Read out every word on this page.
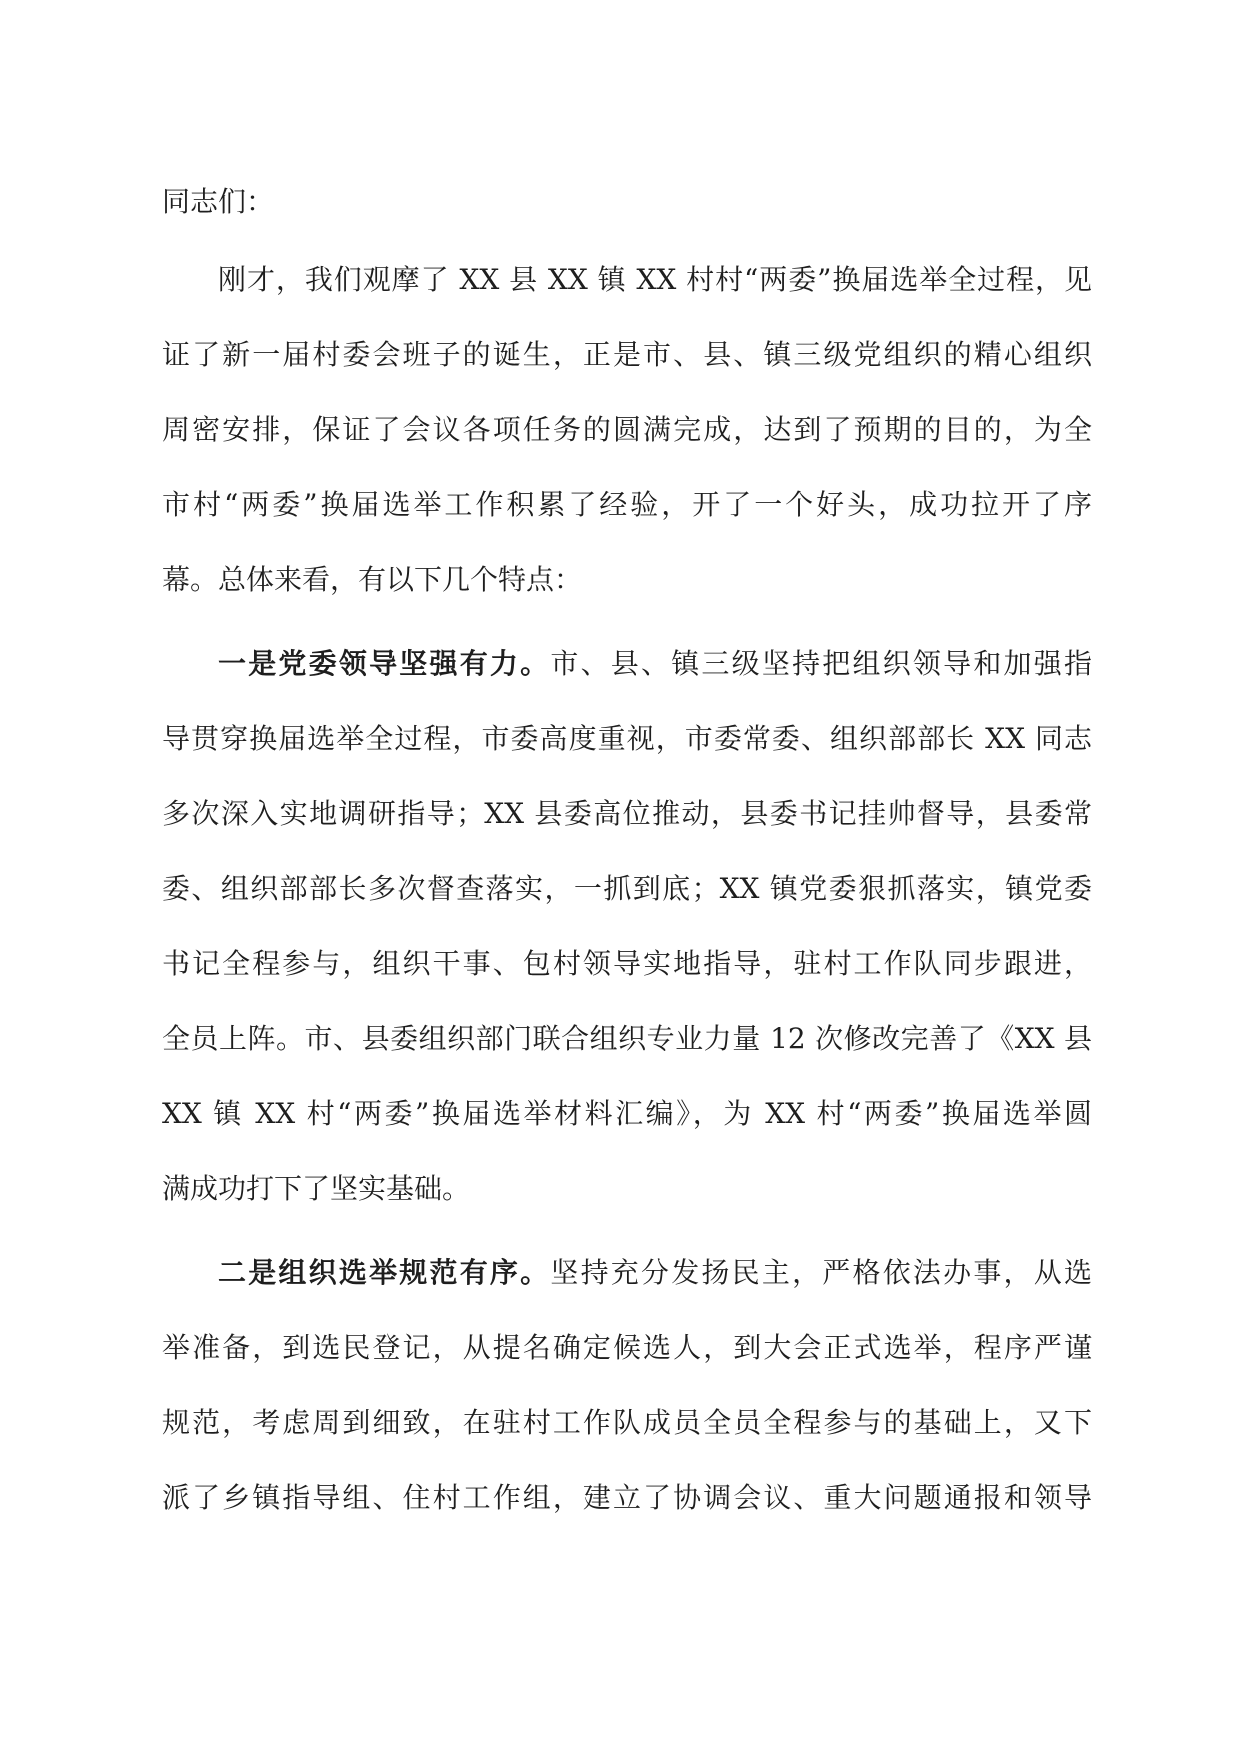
同志们：
刚才，我们观摩了 XX 县 XX 镇 XX 村村“两委”换届选举全过程，见
证了新一届村委会班子的诞生，正是市、县、镇三级党组织的精心组织
周密安排，保证了会议各项任务的圆满完成，达到了预期的目的，为全
市村“两委”换届选举工作积累了经验，开了一个好头，成功拉开了序
幕。总体来看，有以下几个特点：
一是党委领导坚强有力。市、县、镇三级坚持把组织领导和加强指
导贯穿换届选举全过程，市委高度重视，市委常委、组织部部长 XX 同志
多次深入实地调研指导；XX 县委高位推动，县委书记挂帅督导，县委常
委、组织部部长多次督查落实，一抓到底；XX 镇党委狠抓落实，镇党委
书记全程参与，组织干事、包村领导实地指导，驻村工作队同步跟进，
全员上阵。市、县委组织部门联合组织专业力量 12 次修改完善了《XX 县
XX 镇 XX 村“两委”换届选举材料汇编》，为 XX 村“两委”换届选举圆
满成功打下了坚实基础。
二是组织选举规范有序。坚持充分发扬民主，严格依法办事，从选
举准备，到选民登记，从提名确定候选人，到大会正式选举，程序严谨
规范，考虑周到细致，在驻村工作队成员全员全程参与的基础上，又下
派了乡镇指导组、住村工作组，建立了协调会议、重大问题通报和领导
